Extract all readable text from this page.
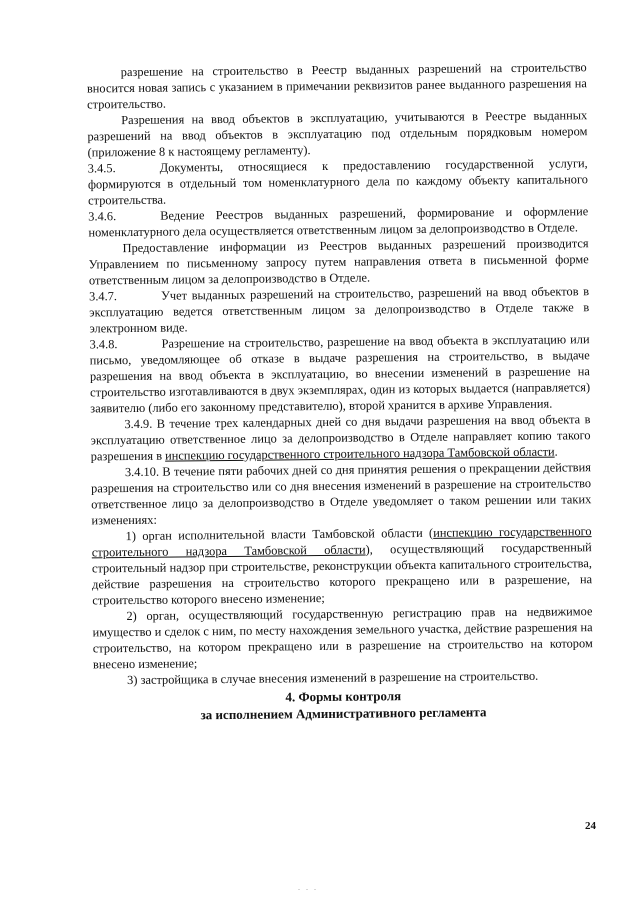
разрешение на строительство в Реестр выданных разрешений на строительство вносится новая запись с указанием в примечании реквизитов ранее выданного разрешения на строительство.

Разрешения на ввод объектов в эксплуатацию, учитываются в Реестре выданных разрешений на ввод объектов в эксплуатацию под отдельным порядковым номером (приложение 8 к настоящему регламенту).

3.4.5.	Документы, относящиеся к предоставлению государственной услуги, формируются в отдельный том номенклатурного дела по каждому объекту капитального строительства.

3.4.6.	Ведение Реестров выданных разрешений, формирование и оформление номенклатурного дела осуществляется ответственным лицом за делопроизводство в Отделе.

Предоставление информации из Реестров выданных разрешений производится Управлением по письменному запросу путем направления ответа в письменной форме ответственным лицом за делопроизводство в Отделе.

3.4.7.	Учет выданных разрешений на строительство, разрешений на ввод объектов в эксплуатацию ведется ответственным лицом за делопроизводство в Отделе также в электронном виде.

3.4.8.	Разрешение на строительство, разрешение на ввод объекта в эксплуатацию или письмо, уведомляющее об отказе в выдаче разрешения на строительство, в выдаче разрешения на ввод объекта в эксплуатацию, во внесении изменений в разрешение на строительство изготавливаются в двух экземплярах, один из которых выдается (направляется) заявителю (либо его законному представителю), второй хранится в архиве Управления.

3.4.9. В течение трех календарных дней со дня выдачи разрешения на ввод объекта в эксплуатацию ответственное лицо за делопроизводство в Отделе направляет копию такого разрешения в инспекцию государственного строительного надзора Тамбовской области.

3.4.10. В течение пяти рабочих дней со дня принятия решения о прекращении действия разрешения на строительство или со дня внесения изменений в разрешение на строительство ответственное лицо за делопроизводство в Отделе уведомляет о таком решении или таких изменениях:

1) орган исполнительной власти Тамбовской области (инспекцию государственного строительного надзора Тамбовской области), осуществляющий государственный строительный надзор при строительстве, реконструкции объекта капитального строительства, действие разрешения на строительство которого прекращено или в разрешение, на строительство которого внесено изменение;

2) орган, осуществляющий государственную регистрацию прав на недвижимое имущество и сделок с ним, по месту нахождения земельного участка, действие разрешения на строительство, на котором прекращено или в разрешение на строительство на котором внесено изменение;

3) застройщика в случае внесения изменений в разрешение на строительство.

4. Формы контроля

за исполнением Административного регламента

24
. . .
